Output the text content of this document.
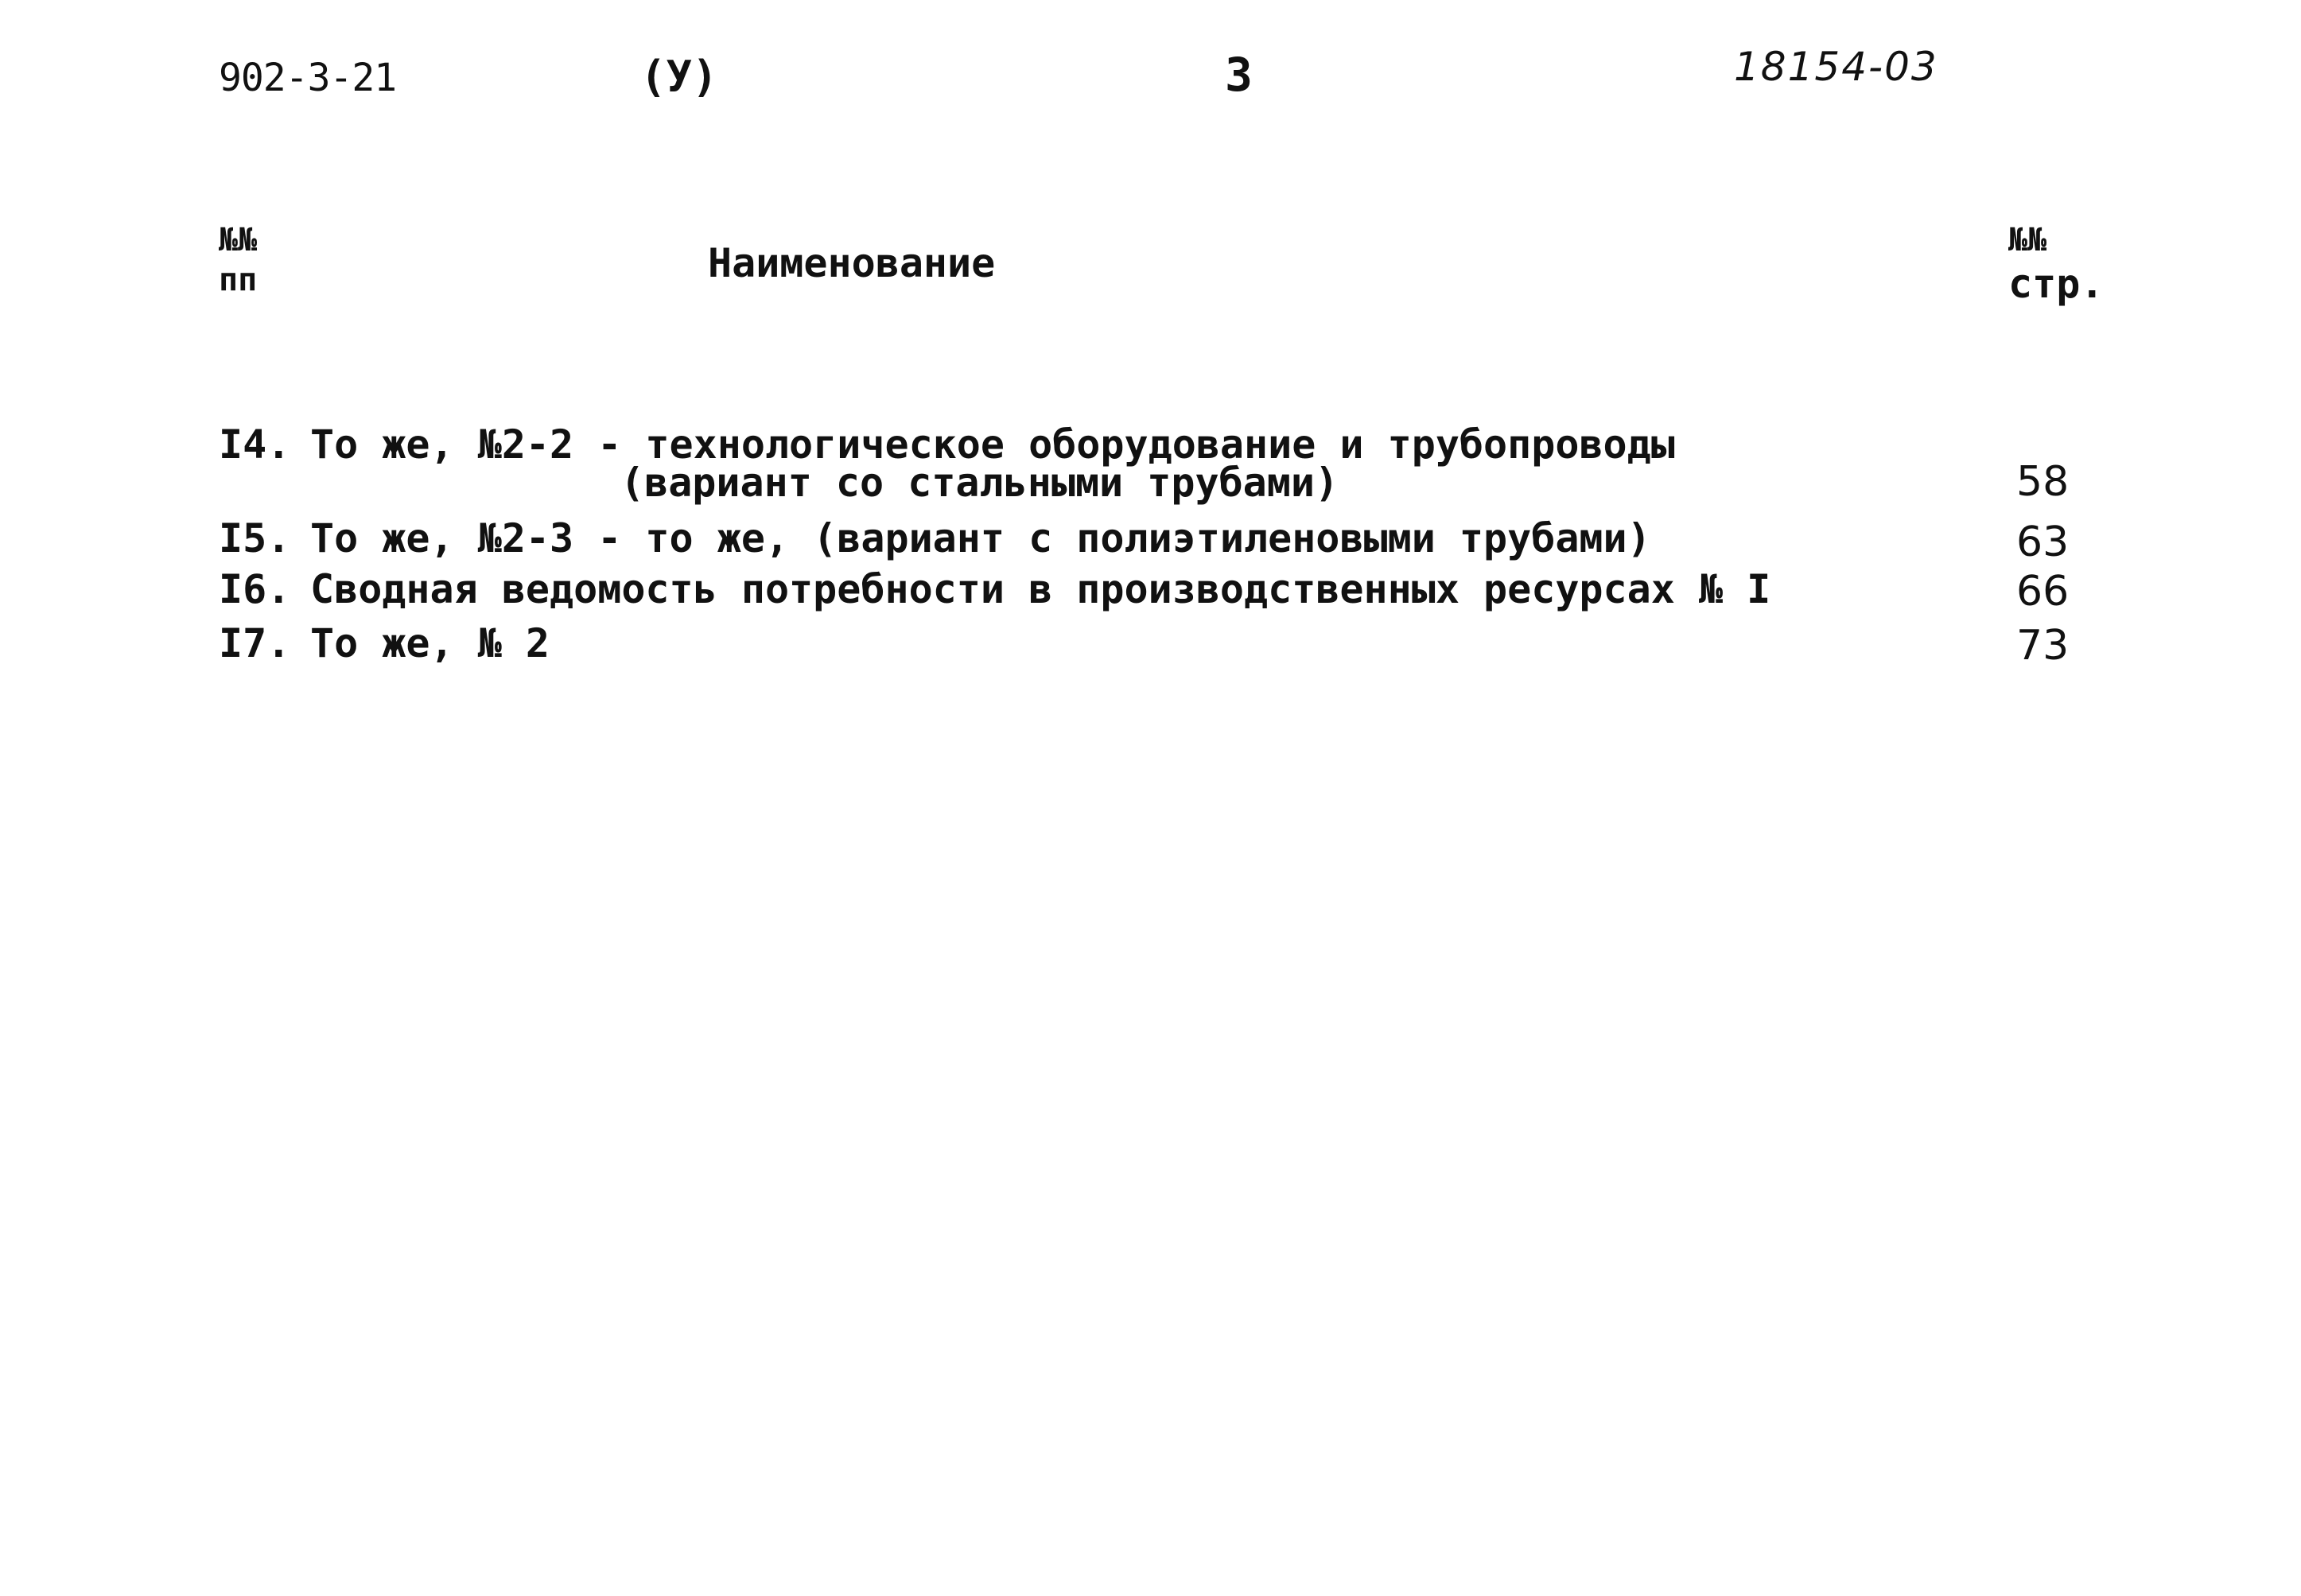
902-3-21	(У)	3	18154-03
№№
пп	Наименование	№№
стр.
I4. То же, №2-2 - технологическое оборудование и трубопроводы
(вариант со стальными трубами)	58
I5. То же, №2-3 - то же, (вариант с полиэтиленовыми трубами)	63
I6. Сводная ведомость потребности в производственных ресурсах № I	66
I7. То же, № 2	73
